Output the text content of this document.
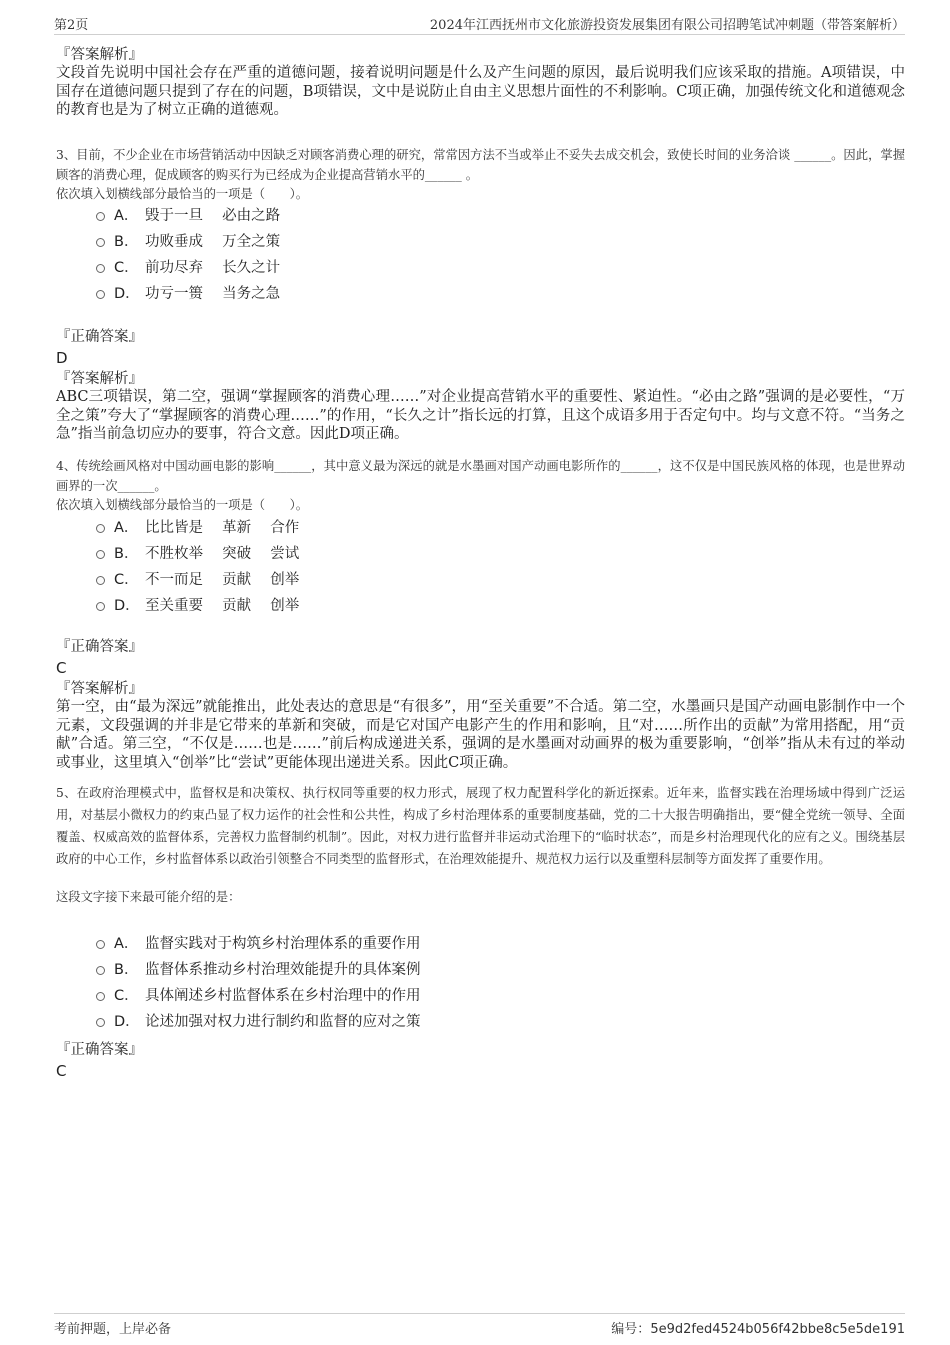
第2页	2024年江西抚州市文化旅游投资发展集团有限公司招聘笔试冲刺题（带答案解析）
『答案解析』
文段首先说明中国社会存在严重的道德问题，接着说明问题是什么及产生问题的原因，最后说明我们应该采取的措施。A项错误，中国存在道德问题只提到了存在的问题，B项错误，文中是说防止自由主义思想片面性的不利影响。C项正确，加强传统文化和道德观念的教育也是为了树立正确的道德观。
3、目前，不少企业在市场营销活动中因缺乏对顾客消费心理的研究，常常因方法不当或举止不妥失去成交机会，致使长时间的业务洽谈 ______。因此，掌握顾客的消费心理，促成顾客的购买行为已经成为企业提高营销水平的______ 。
依次填入划横线部分最恰当的一项是（　　）。
A． 毁于一旦　 必由之路
B． 功败垂成　 万全之策
C． 前功尽弃　 长久之计
D． 功亏一篑　 当务之急
『正确答案』
D
『答案解析』
ABC三项错误，第二空，强调“掌握顾客的消费心理……”对企业提高营销水平的重要性、紧迫性。“必由之路”强调的是必要性，“万全之策”夸大了“掌握顾客的消费心理……”的作用，“长久之计”指长远的打算，且这个成语多用于否定句中。均与文意不符。“当务之急”指当前急切应办的要事，符合文意。因此D项正确。
4、传统绘画风格对中国动画电影的影响______，其中意义最为深远的就是水墨画对国产动画电影所作的______，这不仅是中国民族风格的体现，也是世界动画界的一次______。
依次填入划横线部分最恰当的一项是（　　）。
A． 比比皆是　 革新　 合作
B． 不胜枚举　 突破　 尝试
C． 不一而足　 贡献　 创举
D． 至关重要　 贡献　 创举
『正确答案』
C
『答案解析』
第一空，由“最为深远”就能推出，此处表达的意思是“有很多”，用“至关重要”不合适。第二空，水墨画只是国产动画电影制作中一个元素，文段强调的并非是它带来的革新和突破，而是它对国产电影产生的作用和影响，且“对……所作出的贡献”为常用搭配，用“贡献”合适。第三空，“不仅是……也是……”前后构成递进关系，强调的是水墨画对动画界的极为重要影响，“创举”指从未有过的举动或事业，这里填入“创举”比“尝试”更能体现出递进关系。因此C项正确。
5、在政府治理模式中，监督权是和决策权、执行权同等重要的权力形式，展现了权力配置科学化的新近探索。近年来，监督实践在治理场域中得到广泛运用，对基层小微权力的约束凸显了权力运作的社会性和公共性，构成了乡村治理体系的重要制度基础，党的二十大报告明确指出，要“健全党统一领导、全面覆盖、权威高效的监督体系，完善权力监督制约机制”。因此，对权力进行监督并非运动式治理下的“临时状态”，而是乡村治理现代化的应有之义。围绕基层政府的中心工作，乡村监督体系以政治引领整合不同类型的监督形式，在治理效能提升、规范权力运行以及重塑科层制等方面发挥了重要作用。
这段文字接下来最可能介绍的是：
A． 监督实践对于构筑乡村治理体系的重要作用
B． 监督体系推动乡村治理效能提升的具体案例
C． 具体阐述乡村监督体系在乡村治理中的作用
D． 论述加强对权力进行制约和监督的应对之策
『正确答案』
C
考前押题，上岸必备	编号：5e9d2fed4524b056f42bbe8c5e5de191
